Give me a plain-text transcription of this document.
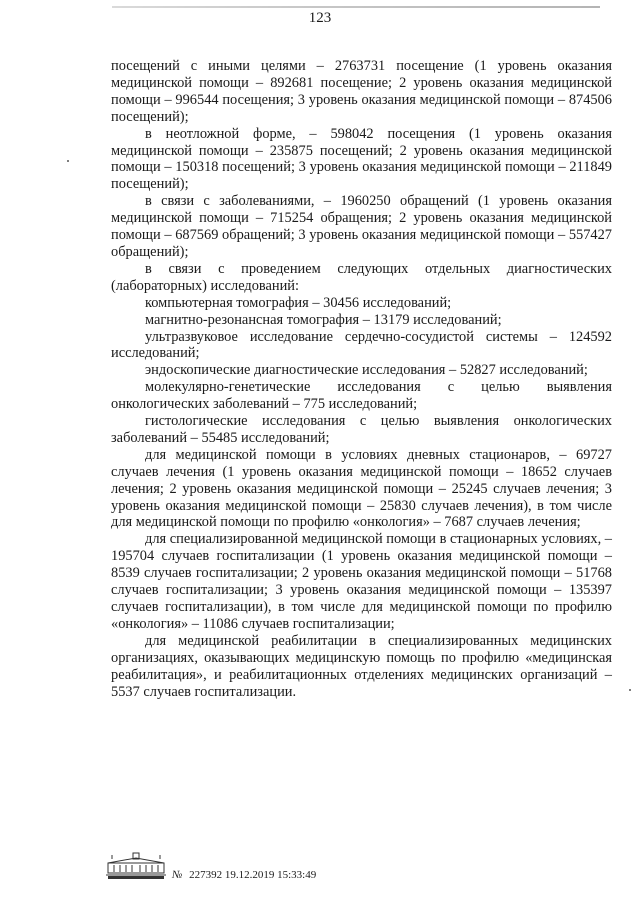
123

посещений с иными целями – 2763731 посещение (1 уровень оказания медицинской помощи – 892681 посещение; 2 уровень оказания медицинской помощи – 996544 посещения; 3 уровень оказания медицинской помощи – 874506 посещений);

в неотложной форме, – 598042 посещения (1 уровень оказания медицинской помощи – 235875 посещений; 2 уровень оказания медицинской помощи – 150318 посещений; 3 уровень оказания медицинской помощи – 211849 посещений);

в связи с заболеваниями, – 1960250 обращений (1 уровень оказания медицинской помощи – 715254 обращения; 2 уровень оказания медицинской помощи – 687569 обращений; 3 уровень оказания медицинской помощи – 557427 обращений);

в связи с проведением следующих отдельных диагностических (лабораторных) исследований:

компьютерная томография – 30456 исследований;

магнитно-резонансная томография – 13179 исследований;

ультразвуковое исследование сердечно-сосудистой системы – 124592 исследований;

эндоскопические диагностические исследования – 52827 исследований;

молекулярно-генетические исследования с целью выявления онкологических заболеваний – 775 исследований;

гистологические исследования с целью выявления онкологических заболеваний – 55485 исследований;

для медицинской помощи в условиях дневных стационаров, – 69727 случаев лечения (1 уровень оказания медицинской помощи – 18652 случаев лечения; 2 уровень оказания медицинской помощи – 25245 случаев лечения; 3 уровень оказания медицинской помощи – 25830 случаев лечения), в том числе для медицинской помощи по профилю «онкология» – 7687 случаев лечения;

для специализированной медицинской помощи в стационарных условиях, – 195704 случаев госпитализации (1 уровень оказания медицинской помощи – 8539 случаев госпитализации; 2 уровень оказания медицинской помощи – 51768 случаев госпитализации; 3 уровень оказания медицинской помощи – 135397 случаев госпитализации), в том числе для медицинской помощи по профилю «онкология» – 11086 случаев госпитализации;

для медицинской реабилитации в специализированных медицинских организациях, оказывающих медицинскую помощь по профилю «медицинская реабилитация», и реабилитационных отделениях медицинских организаций – 5537 случаев госпитализации.

№ 227392 19.12.2019 15:33:49
